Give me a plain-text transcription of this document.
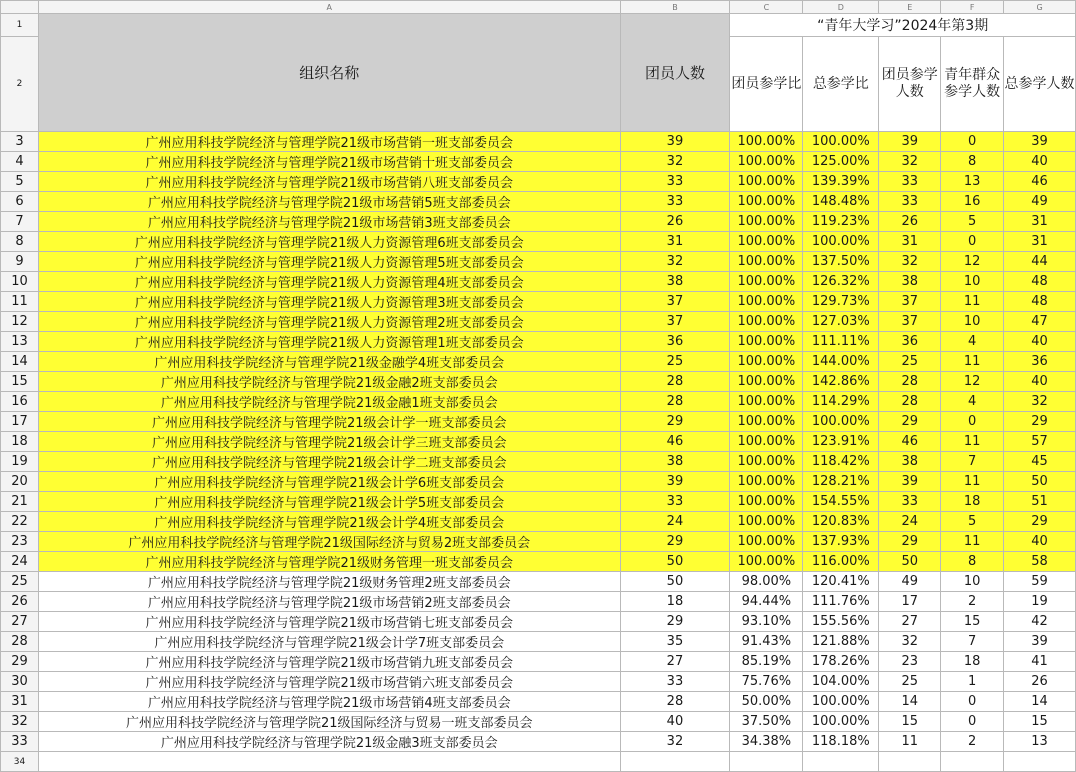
	A	B	C	D	E	F	G
1	组织名称	团员人数	“青年大学习”2024年第3期				
2			团员参学比	总参学比	团员参学人数	青年群众参学人数	总参学人数
3	广州应用科技学院经济与管理学院21级市场营销一班支部委员会	39	100.00%	100.00%	39	0	39
4	广州应用科技学院经济与管理学院21级市场营销十班支部委员会	32	100.00%	125.00%	32	8	40
5	广州应用科技学院经济与管理学院21级市场营销八班支部委员会	33	100.00%	139.39%	33	13	46
6	广州应用科技学院经济与管理学院21级市场营销5班支部委员会	33	100.00%	148.48%	33	16	49
7	广州应用科技学院经济与管理学院21级市场营销3班支部委员会	26	100.00%	119.23%	26	5	31
8	广州应用科技学院经济与管理学院21级人力资源管理6班支部委员会	31	100.00%	100.00%	31	0	31
9	广州应用科技学院经济与管理学院21级人力资源管理5班支部委员会	32	100.00%	137.50%	32	12	44
10	广州应用科技学院经济与管理学院21级人力资源管理4班支部委员会	38	100.00%	126.32%	38	10	48
11	广州应用科技学院经济与管理学院21级人力资源管理3班支部委员会	37	100.00%	129.73%	37	11	48
12	广州应用科技学院经济与管理学院21级人力资源管理2班支部委员会	37	100.00%	127.03%	37	10	47
13	广州应用科技学院经济与管理学院21级人力资源管理1班支部委员会	36	100.00%	111.11%	36	4	40
14	广州应用科技学院经济与管理学院21级金融学4班支部委员会	25	100.00%	144.00%	25	11	36
15	广州应用科技学院经济与管理学院21级金融2班支部委员会	28	100.00%	142.86%	28	12	40
16	广州应用科技学院经济与管理学院21级金融1班支部委员会	28	100.00%	114.29%	28	4	32
17	广州应用科技学院经济与管理学院21级会计学一班支部委员会	29	100.00%	100.00%	29	0	29
18	广州应用科技学院经济与管理学院21级会计学三班支部委员会	46	100.00%	123.91%	46	11	57
19	广州应用科技学院经济与管理学院21级会计学二班支部委员会	38	100.00%	118.42%	38	7	45
20	广州应用科技学院经济与管理学院21级会计学6班支部委员会	39	100.00%	128.21%	39	11	50
21	广州应用科技学院经济与管理学院21级会计学5班支部委员会	33	100.00%	154.55%	33	18	51
22	广州应用科技学院经济与管理学院21级会计学4班支部委员会	24	100.00%	120.83%	24	5	29
23	广州应用科技学院经济与管理学院21级国际经济与贸易2班支部委员会	29	100.00%	137.93%	29	11	40
24	广州应用科技学院经济与管理学院21级财务管理一班支部委员会	50	100.00%	116.00%	50	8	58
25	广州应用科技学院经济与管理学院21级财务管理2班支部委员会	50	98.00%	120.41%	49	10	59
26	广州应用科技学院经济与管理学院21级市场营销2班支部委员会	18	94.44%	111.76%	17	2	19
27	广州应用科技学院经济与管理学院21级市场营销七班支部委员会	29	93.10%	155.56%	27	15	42
28	广州应用科技学院经济与管理学院21级会计学7班支部委员会	35	91.43%	121.88%	32	7	39
29	广州应用科技学院经济与管理学院21级市场营销九班支部委员会	27	85.19%	178.26%	23	18	41
30	广州应用科技学院经济与管理学院21级市场营销六班支部委员会	33	75.76%	104.00%	25	1	26
31	广州应用科技学院经济与管理学院21级市场营销4班支部委员会	28	50.00%	100.00%	14	0	14
32	广州应用科技学院经济与管理学院21级国际经济与贸易一班支部委员会	40	37.50%	100.00%	15	0	15
33	广州应用科技学院经济与管理学院21级金融3班支部委员会	32	34.38%	118.18%	11	2	13
34							
